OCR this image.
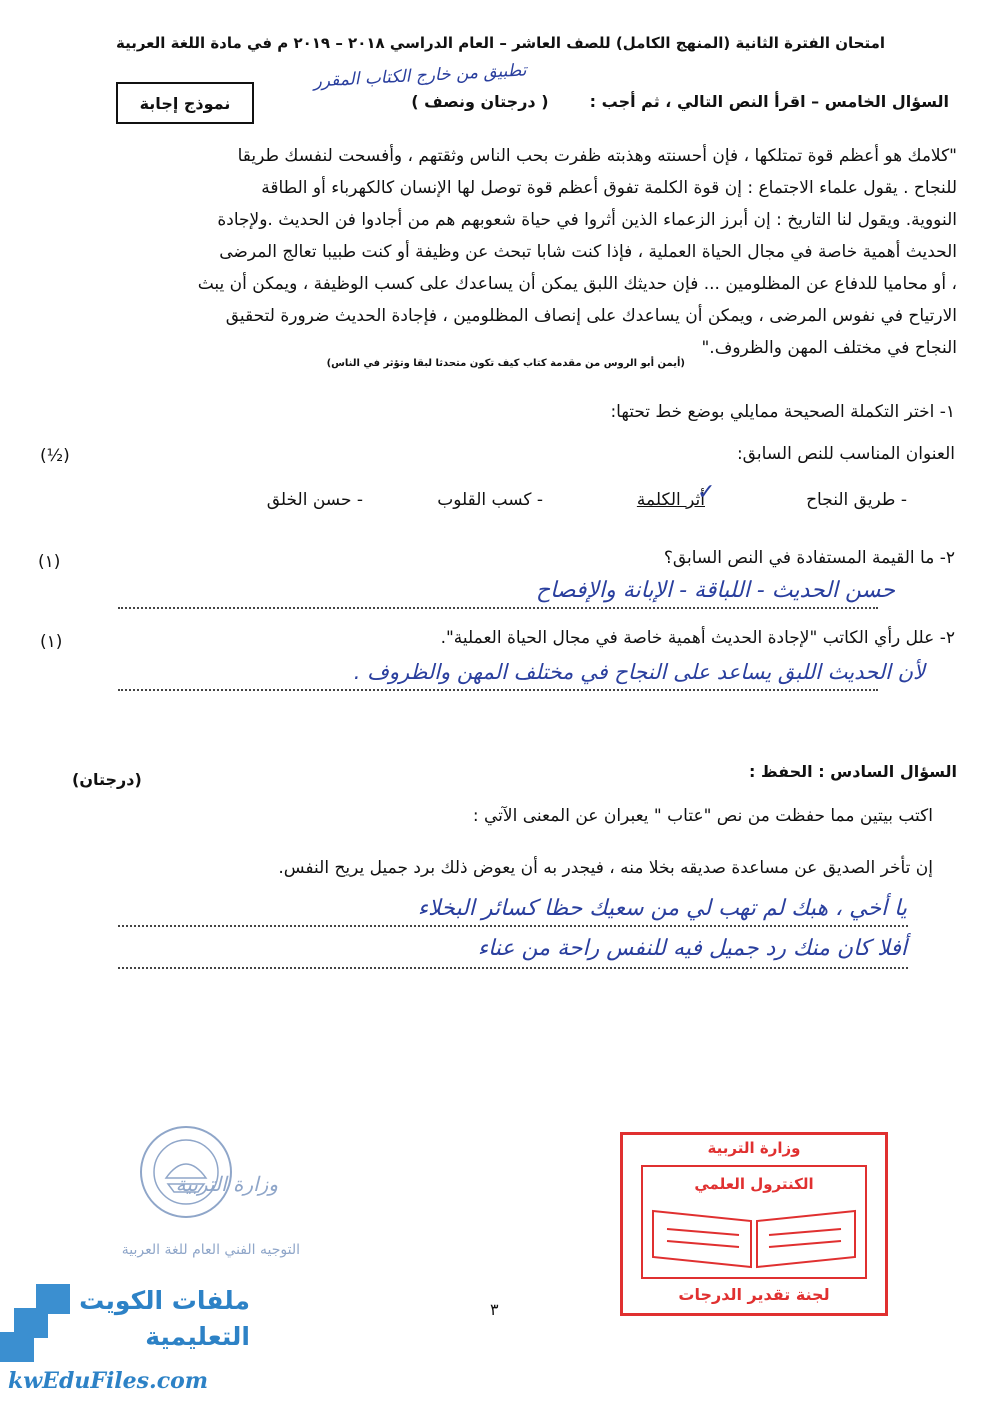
امتحان الفترة الثانية (المنهج الكامل) للصف العاشر – العام الدراسي ٢٠١٨ – ٢٠١٩ م في مادة اللغة العربية
تطبيق من خارج الكتاب المقرر
نموذج إجابة	السؤال الخامس – اقرأ النص التالي ، ثم أجب :  ( درجتان ونصف )
"كلامك هو أعظم قوة تمتلكها ، فإن أحسنته وهذبته ظفرت بحب الناس وثقتهم ، وأفسحت لنفسك طريقا
للنجاح . يقول علماء الاجتماع : إن قوة الكلمة تفوق أعظم قوة توصل لها الإنسان كالكهرباء أو الطاقة
النووية. ويقول لنا التاريخ : إن أبرز الزعماء الذين أثروا في حياة شعوبهم هم من أجادوا فن الحديث .ولإجادة
الحديث أهمية خاصة في مجال الحياة العملية ، فإذا كنت شابا تبحث عن وظيفة أو كنت طبيبا تعالج المرضى
، أو محاميا للدفاع عن المظلومين ... فإن حديثك اللبق يمكن أن يساعدك على كسب الوظيفة ، ويمكن أن يبث
الارتياح في نفوس المرضى ، ويمكن أن يساعدك على إنصاف المظلومين ، فإجادة الحديث ضرورة لتحقيق
النجاح في مختلف المهن والظروف."
(أيمن أبو الروس من مقدمة كتاب كيف تكون متحدثا لبقا وتؤثر في الناس)
١- اختر التكملة الصحيحة ممايلي بوضع خط تحتها:
العنوان المناسب للنص السابق:
(½)
- طريق النجاح
أثر الكلمة
✓
- كسب القلوب
- حسن الخلق
٢- ما القيمة المستفادة في النص السابق؟
(١)
حسن الحديث - اللباقة - الإبانة والإفصاح
٢- علل رأي الكاتب "لإجادة الحديث أهمية خاصة في مجال الحياة العملية".
(١)
لأن الحديث اللبق يساعد على النجاح في مختلف المهن والظروف .
السؤال السادس : الحفظ :
(درجتان)
اكتب بيتين مما حفظت من نص "عتاب " يعبران عن المعنى الآتي :
إن تأخر الصديق عن مساعدة صديقه بخلا منه ، فيجدر به أن يعوض ذلك برد جميل يريح النفس.
يا أخي ، هبك لم تهب لي من سعيك حظا كسائر البخلاء
أفلا كان منك رد جميل فيه للنفس راحة من عناء
وزارة التربية
التوجيه الفني العام للغة العربية
وزارة التربية
الكنترول العلمي
لجنة تقدير الدرجات
٣
ملفات الكويت
التعليمية
kwEduFiles.com
